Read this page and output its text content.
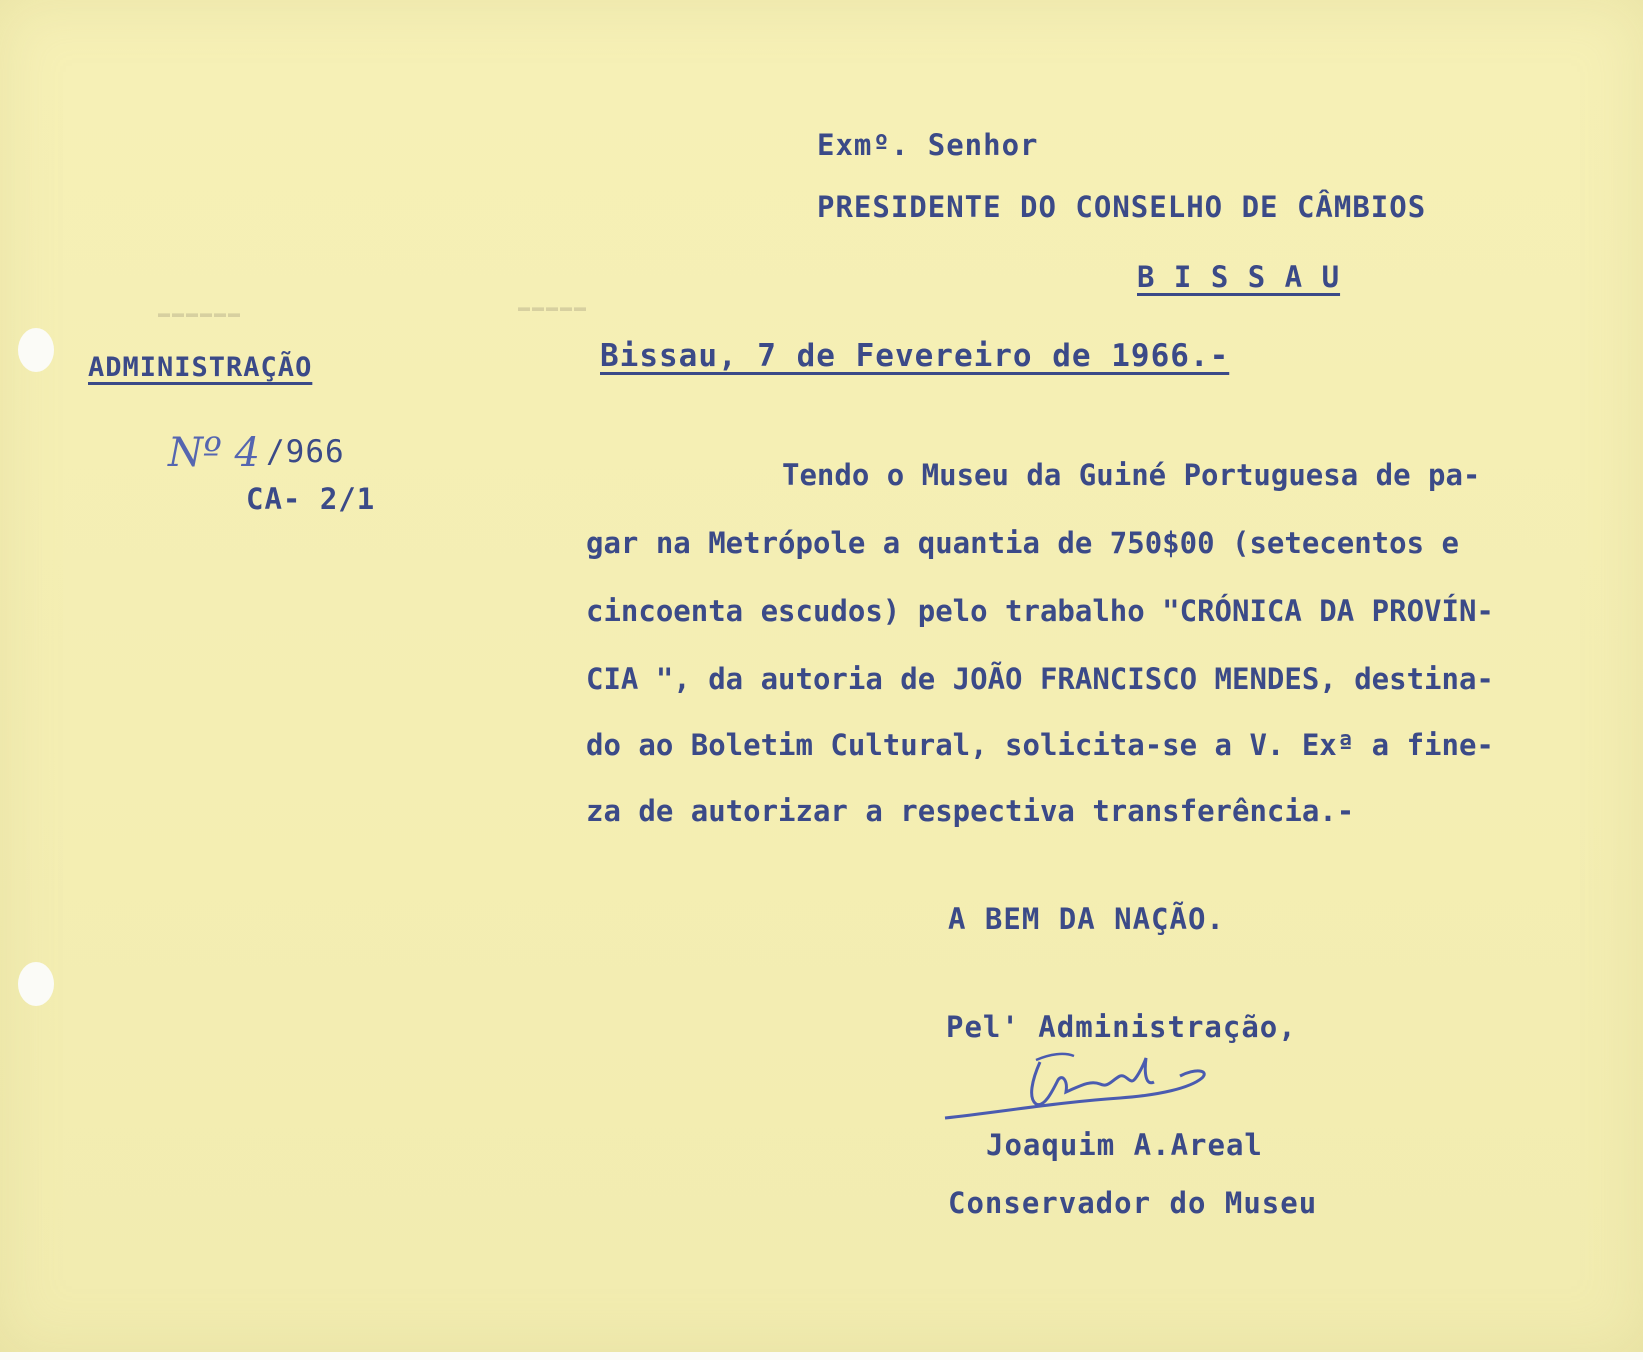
▬▬▬▬▬▬	▬▬▬▬▬
Exmº. Senhor
PRESIDENTE DO CONSELHO DE CÂMBIOS
B I S S A U
ADMINISTRAÇÃO
Nº 4 /966
CA- 2/1
Bissau, 7 de Fevereiro de 1966.-
Tendo o Museu da Guiné Portuguesa de pa-
gar na Metrópole a quantia de 750$00 (setecentos e
cincoenta escudos) pelo trabalho "CRÓNICA DA PROVÍN-
CIA ", da autoria de JOÃO FRANCISCO MENDES, destina-
do ao Boletim Cultural, solicita-se a V. Exª a fine-
za de autorizar a respectiva transferência.-
A BEM DA NAÇÃO.
Pel' Administração,
Joaquim A.Areal
Conservador do Museu
